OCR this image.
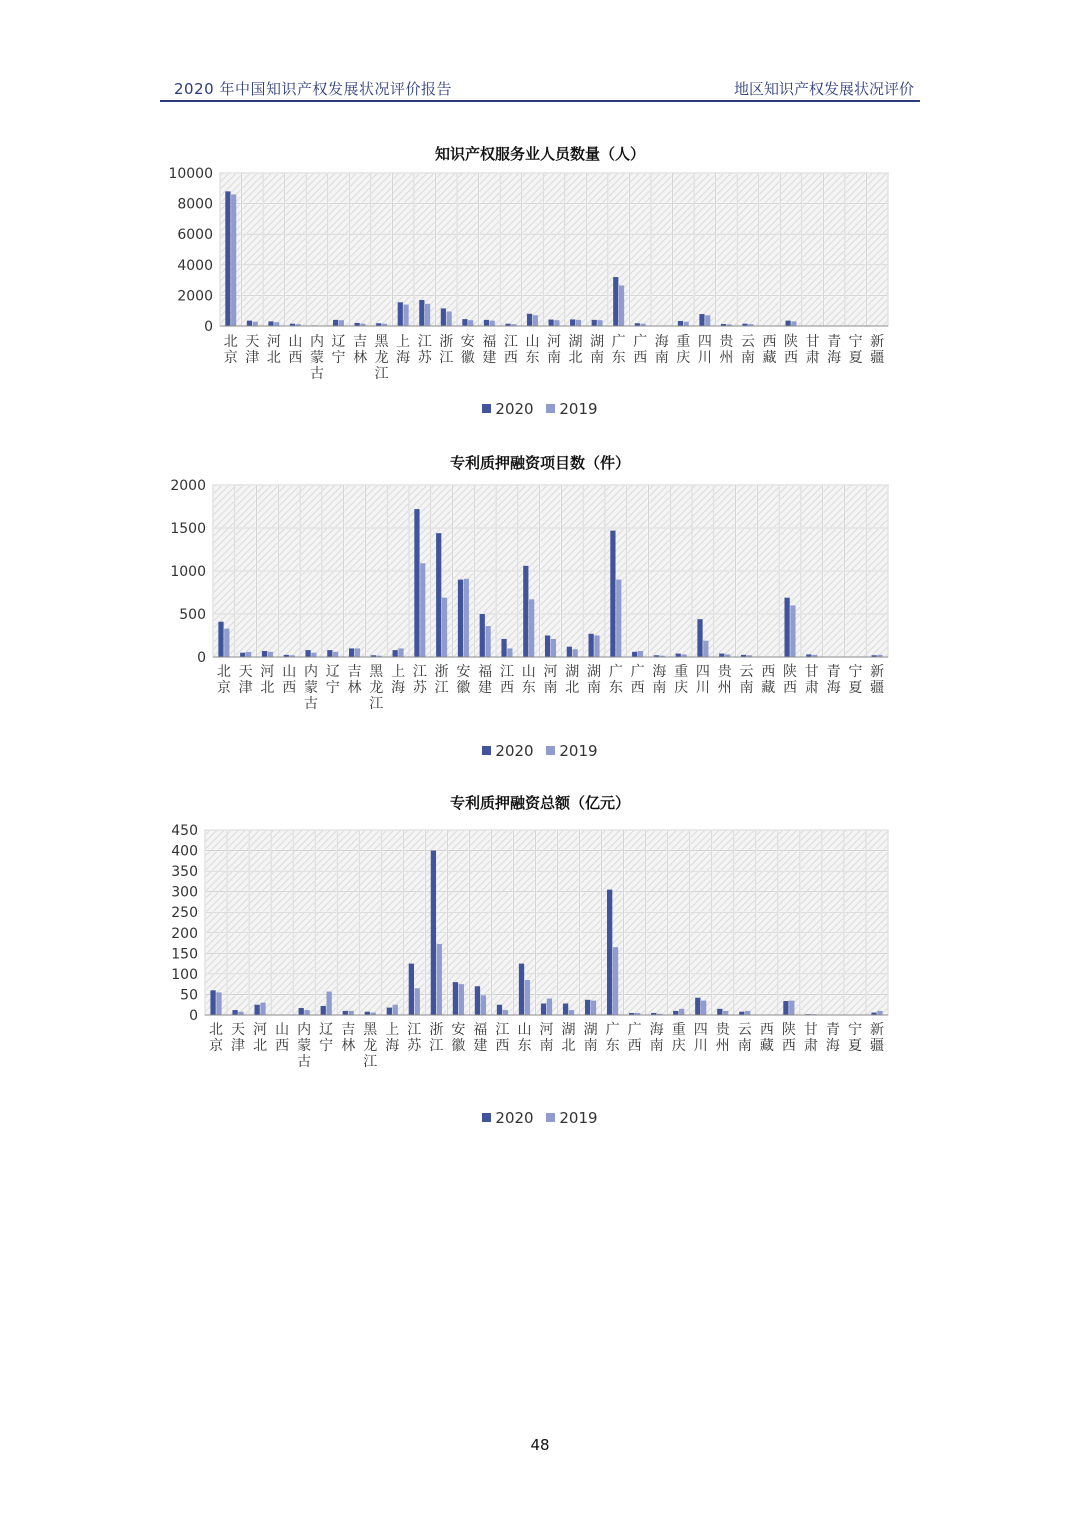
2020 年中国知识产权发展状况评价报告	地区知识产权发展状况评价
知识产权服务业人员数量（人）
0
2000
4000
6000
8000
10000
北京
天津
河北
山西
内蒙古
辽宁
吉林
黑龙江
上海
江苏
浙江
安徽
福建
江西
山东
河南
湖北
湖南
广东
广西
海南
重庆
四川
贵州
云南
西藏
陕西
甘肃
青海
宁夏
新疆
2020 2019
专利质押融资项目数（件）
0
500
1000
1500
2000
北京
天津
河北
山西
内蒙古
辽宁
吉林
黑龙江
上海
江苏
浙江
安徽
福建
江西
山东
河南
湖北
湖南
广东
广西
海南
重庆
四川
贵州
云南
西藏
陕西
甘肃
青海
宁夏
新疆
2020 2019
专利质押融资总额（亿元）
0
50
100
150
200
250
300
350
400
450
北京
天津
河北
山西
内蒙古
辽宁
吉林
黑龙江
上海
江苏
浙江
安徽
福建
江西
山东
河南
湖北
湖南
广东
广西
海南
重庆
四川
贵州
云南
西藏
陕西
甘肃
青海
宁夏
新疆
2020 2019
48
